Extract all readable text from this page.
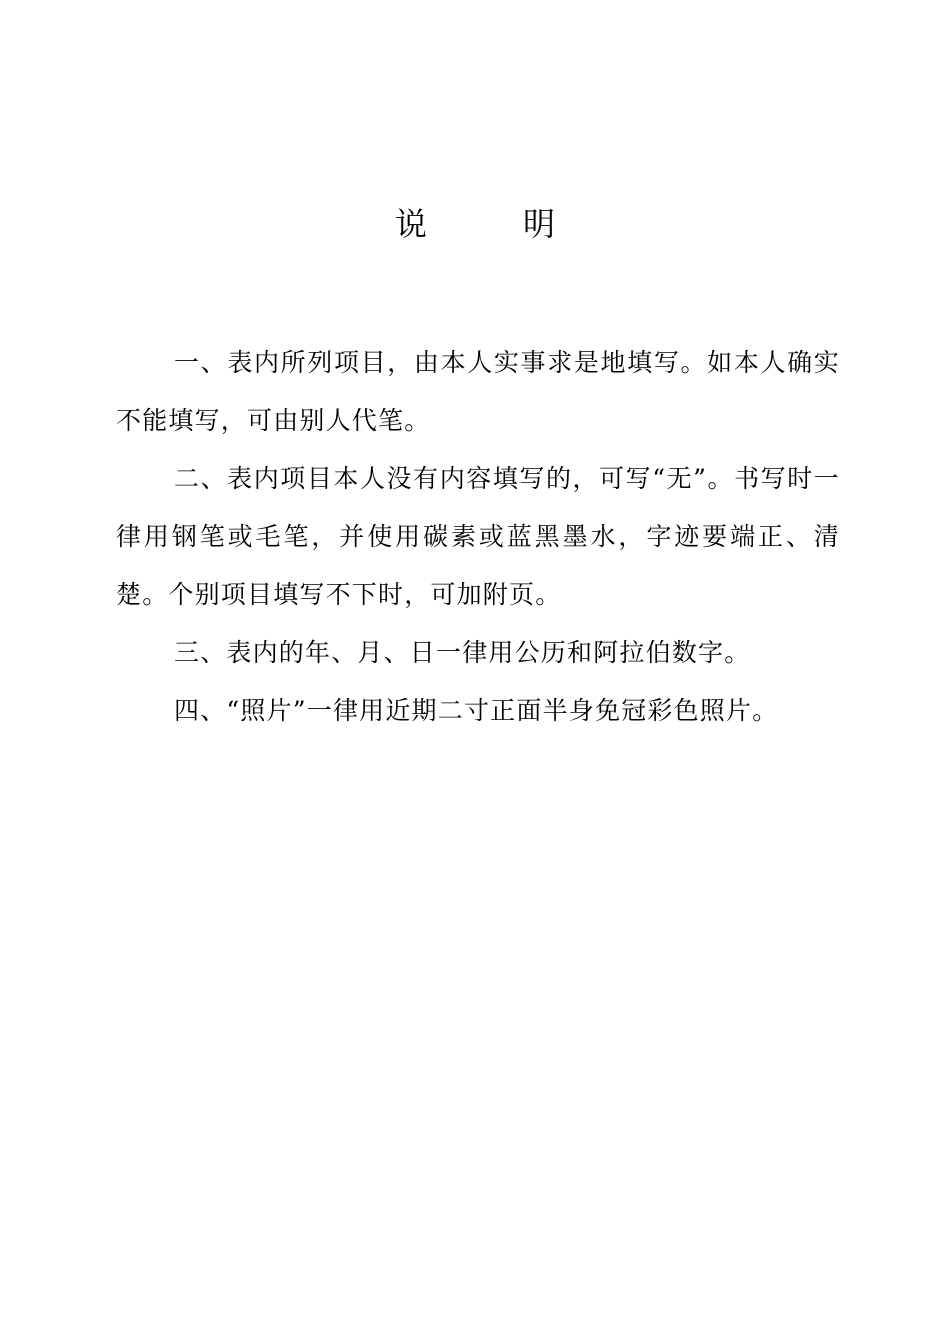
说　　　明

一、表内所列项目，由本人实事求是地填写。如本人确实不能填写，可由别人代笔。

二、表内项目本人没有内容填写的，可写“无”。书写时一律用钢笔或毛笔，并使用碳素或蓝黑墨水，字迹要端正、清楚。个别项目填写不下时，可加附页。

三、表内的年、月、日一律用公历和阿拉伯数字。

四、“照片”一律用近期二寸正面半身免冠彩色照片。
